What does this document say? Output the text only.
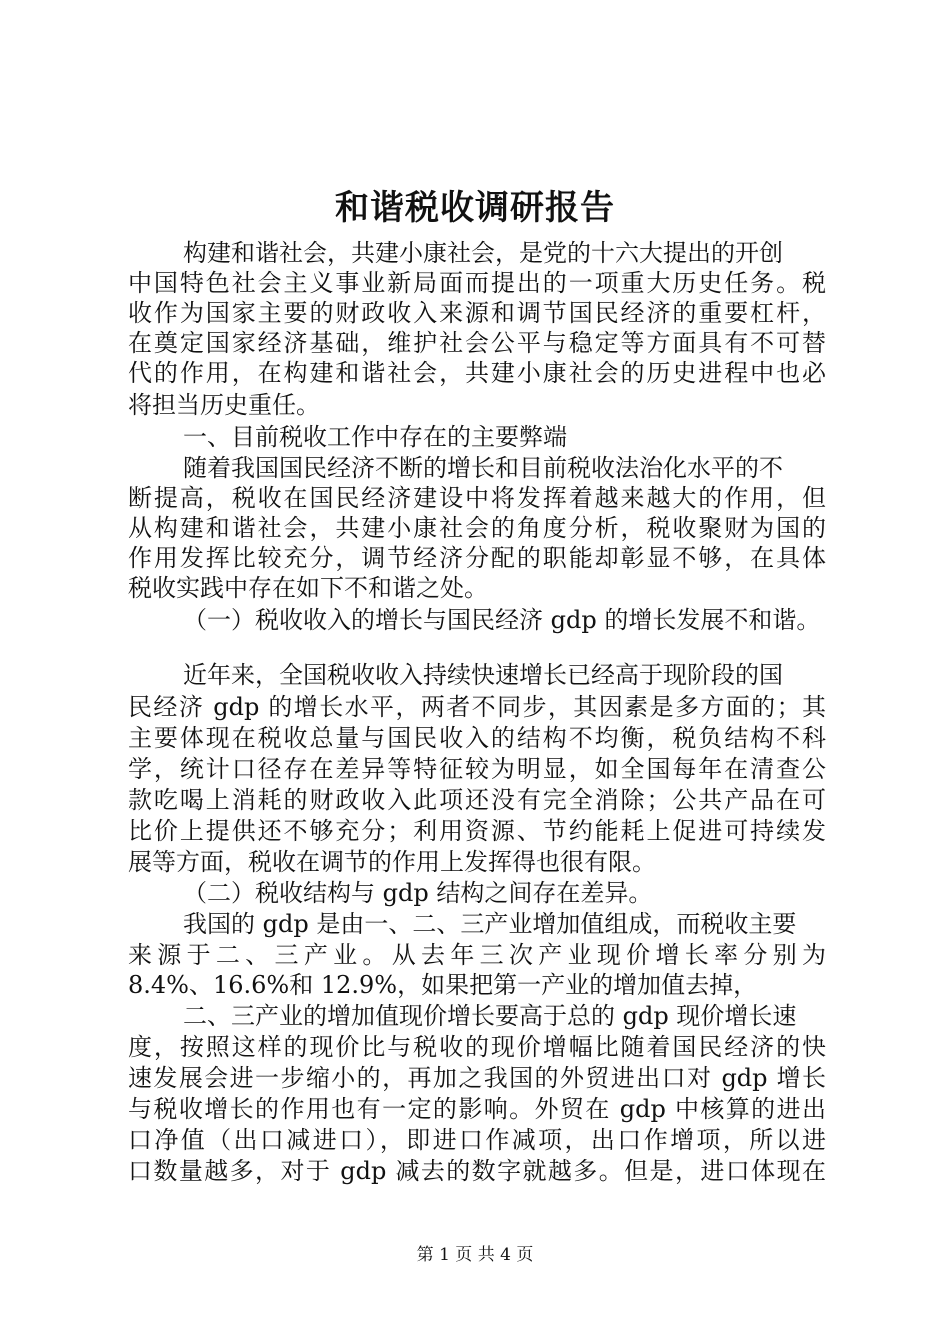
和谐税收调研报告
构建和谐社会，共建小康社会，是党的十六大提出的开创
中国特色社会主义事业新局面而提出的一项重大历史任务。税
收作为国家主要的财政收入来源和调节国民经济的重要杠杆，
在奠定国家经济基础，维护社会公平与稳定等方面具有不可替
代的作用，在构建和谐社会，共建小康社会的历史进程中也必
将担当历史重任。
一、目前税收工作中存在的主要弊端
随着我国国民经济不断的增长和目前税收法治化水平的不
断提高，税收在国民经济建设中将发挥着越来越大的作用，但
从构建和谐社会，共建小康社会的角度分析，税收聚财为国的
作用发挥比较充分，调节经济分配的职能却彰显不够，在具体
税收实践中存在如下不和谐之处。
（一）税收收入的增长与国民经济 gdp 的增长发展不和谐。
近年来，全国税收收入持续快速增长已经高于现阶段的国
民经济 gdp 的增长水平，两者不同步，其因素是多方面的；其
主要体现在税收总量与国民收入的结构不均衡，税负结构不科
学，统计口径存在差异等特征较为明显，如全国每年在清查公
款吃喝上消耗的财政收入此项还没有完全消除；公共产品在可
比价上提供还不够充分；利用资源、节约能耗上促进可持续发
展等方面，税收在调节的作用上发挥得也很有限。
（二）税收结构与 gdp 结构之间存在差异。
我国的 gdp 是由一、二、三产业增加值组成，而税收主要
来源于二、三产业。从去年三次产业现价增长率分别为
8.4%、16.6%和 12.9%，如果把第一产业的增加值去掉，
二、三产业的增加值现价增长要高于总的 gdp 现价增长速
度，按照这样的现价比与税收的现价增幅比随着国民经济的快
速发展会进一步缩小的，再加之我国的外贸进出口对 gdp 增长
与税收增长的作用也有一定的影响。外贸在 gdp 中核算的进出
口净值（出口减进口），即进口作减项，出口作增项，所以进
口数量越多，对于 gdp 减去的数字就越多。但是，进口体现在
第 1 页 共 4 页
